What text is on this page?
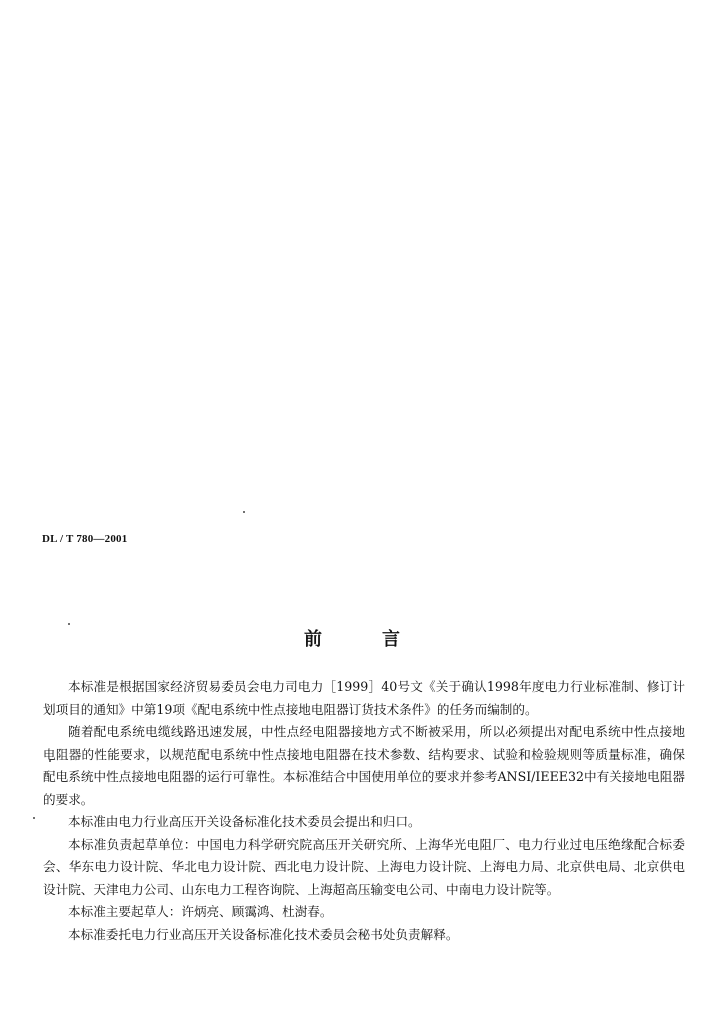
DL / T 780—2001
前言

本标准是根据国家经济贸易委员会电力司电力［1999］40号文《关于确认1998年度电力行业标准制、修订计划项目的通知》中第19项《配电系统中性点接地电阻器订货技术条件》的任务而编制的。

随着配电系统电缆线路迅速发展，中性点经电阻器接地方式不断被采用，所以必须提出对配电系统中性点接地电阻器的性能要求，以规范配电系统中性点接地电阻器在技术参数、结构要求、试验和检验规则等质量标准，确保配电系统中性点接地电阻器的运行可靠性。本标准结合中国使用单位的要求并参考ANSI/IEEE32中有关接地电阻器的要求。

本标准由电力行业高压开关设备标准化技术委员会提出和归口。

本标准负责起草单位：中国电力科学研究院高压开关研究所、上海华光电阻厂、电力行业过电压绝缘配合标委会、华东电力设计院、华北电力设计院、西北电力设计院、上海电力设计院、上海电力局、北京供电局、北京供电设计院、天津电力公司、山东电力工程咨询院、上海超高压输变电公司、中南电力设计院等。

本标准主要起草人：许炳亮、顾霭鸿、杜澍春。

本标准委托电力行业高压开关设备标准化技术委员会秘书处负责解释。
